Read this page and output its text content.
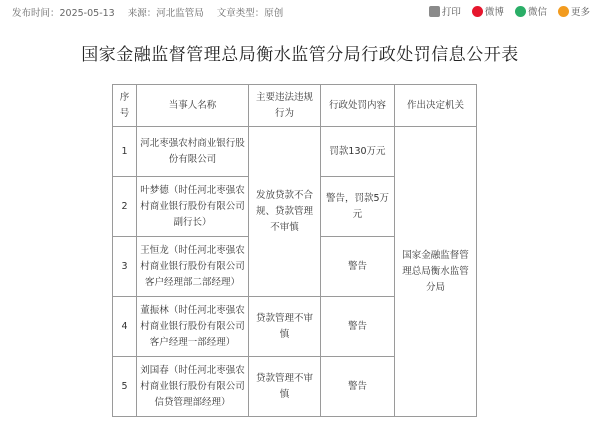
发布时间：2025-05-13 来源：河北监管局 文章类型：原创	打印	微博	微信	更多
国家金融监督管理总局衡水监管分局行政处罚信息公开表
序号	当事人名称	主要违法违规行为	行政处罚内容	作出决定机关
1	河北枣强农村商业银行股份有限公司	发放贷款不合规、贷款管理不审慎	罚款130万元	国家金融监督管理总局衡水监管分局
2	叶梦德（时任河北枣强农村商业银行股份有限公司副行长）		警告，罚款5万元	
3	王恒龙（时任河北枣强农村商业银行股份有限公司客户经理部二部经理）		警告	
4	董振林（时任河北枣强农村商业银行股份有限公司客户经理一部经理）	贷款管理不审慎	警告	
5	刘国春（时任河北枣强农村商业银行股份有限公司信贷管理部经理）	贷款管理不审慎	警告	
